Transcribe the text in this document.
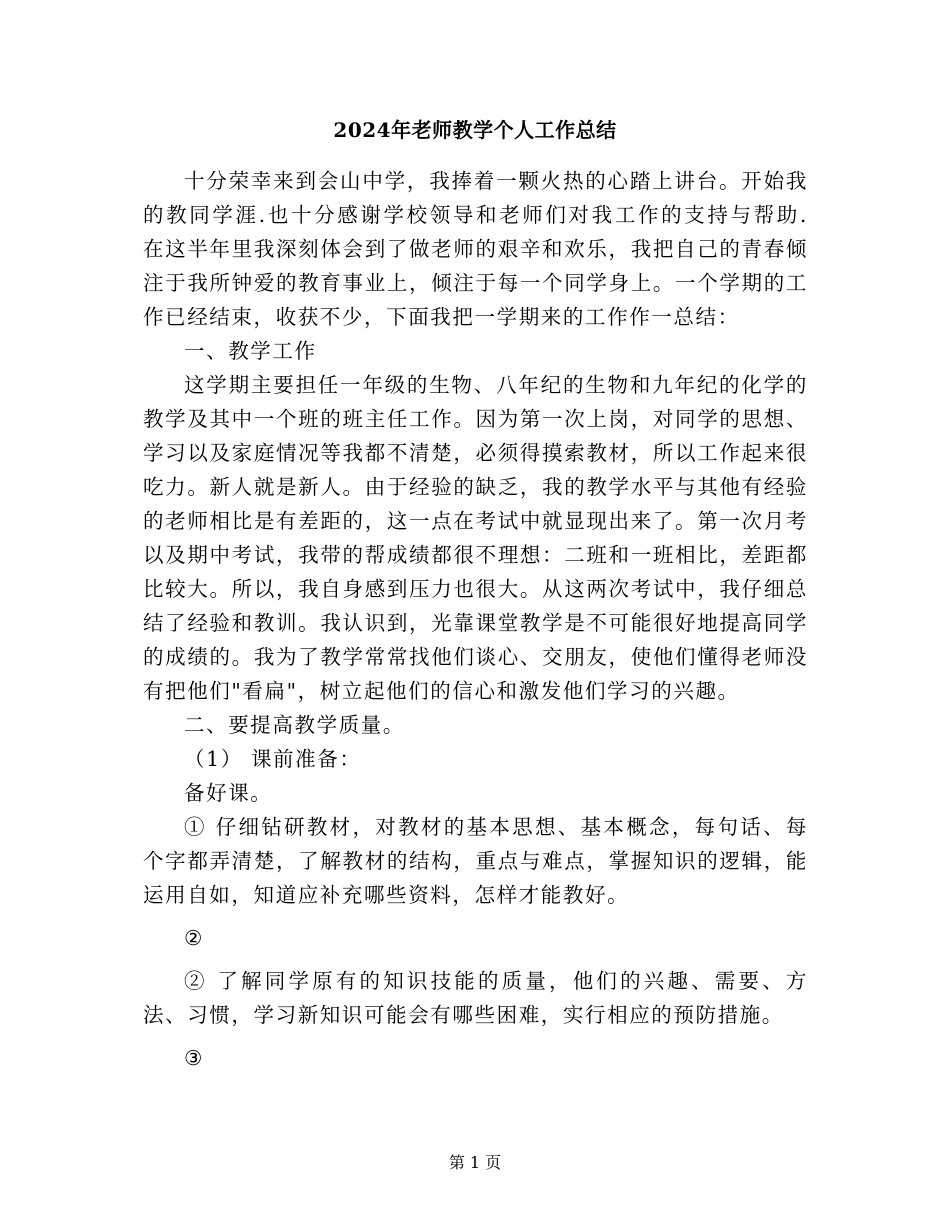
2024年老师教学个人工作总结

十分荣幸来到会山中学，我捧着一颗火热的心踏上讲台。开始我的教同学涯.也十分感谢学校领导和老师们对我工作的支持与帮助. 在这半年里我深刻体会到了做老师的艰辛和欢乐，我把自己的青春倾注于我所钟爱的教育事业上，倾注于每一个同学身上。一个学期的工作已经结束，收获不少，下面我把一学期来的工作作一总结：

一、教学工作

这学期主要担任一年级的生物、八年纪的生物和九年纪的化学的教学及其中一个班的班主任工作。因为第一次上岗，对同学的思想、学习以及家庭情况等我都不清楚，必须得摸索教材，所以工作起来很吃力。新人就是新人。由于经验的缺乏，我的教学水平与其他有经验的老师相比是有差距的，这一点在考试中就显现出来了。第一次月考以及期中考试，我带的帮成绩都很不理想：二班和一班相比，差距都比较大。所以，我自身感到压力也很大。从这两次考试中，我仔细总结了经验和教训。我认识到，光靠课堂教学是不可能很好地提高同学的成绩的。我为了教学常常找他们谈心、交朋友，使他们懂得老师没有把他们"看扁"，树立起他们的信心和激发他们学习的兴趣。

二、要提高教学质量。

（1） 课前准备：

备好课。

① 仔细钻研教材，对教材的基本思想、基本概念，每句话、每个字都弄清楚，了解教材的结构，重点与难点，掌握知识的逻辑，能运用自如，知道应补充哪些资料，怎样才能教好。

②

② 了解同学原有的知识技能的质量，他们的兴趣、需要、方法、习惯，学习新知识可能会有哪些困难，实行相应的预防措施。

③

第 1 页
